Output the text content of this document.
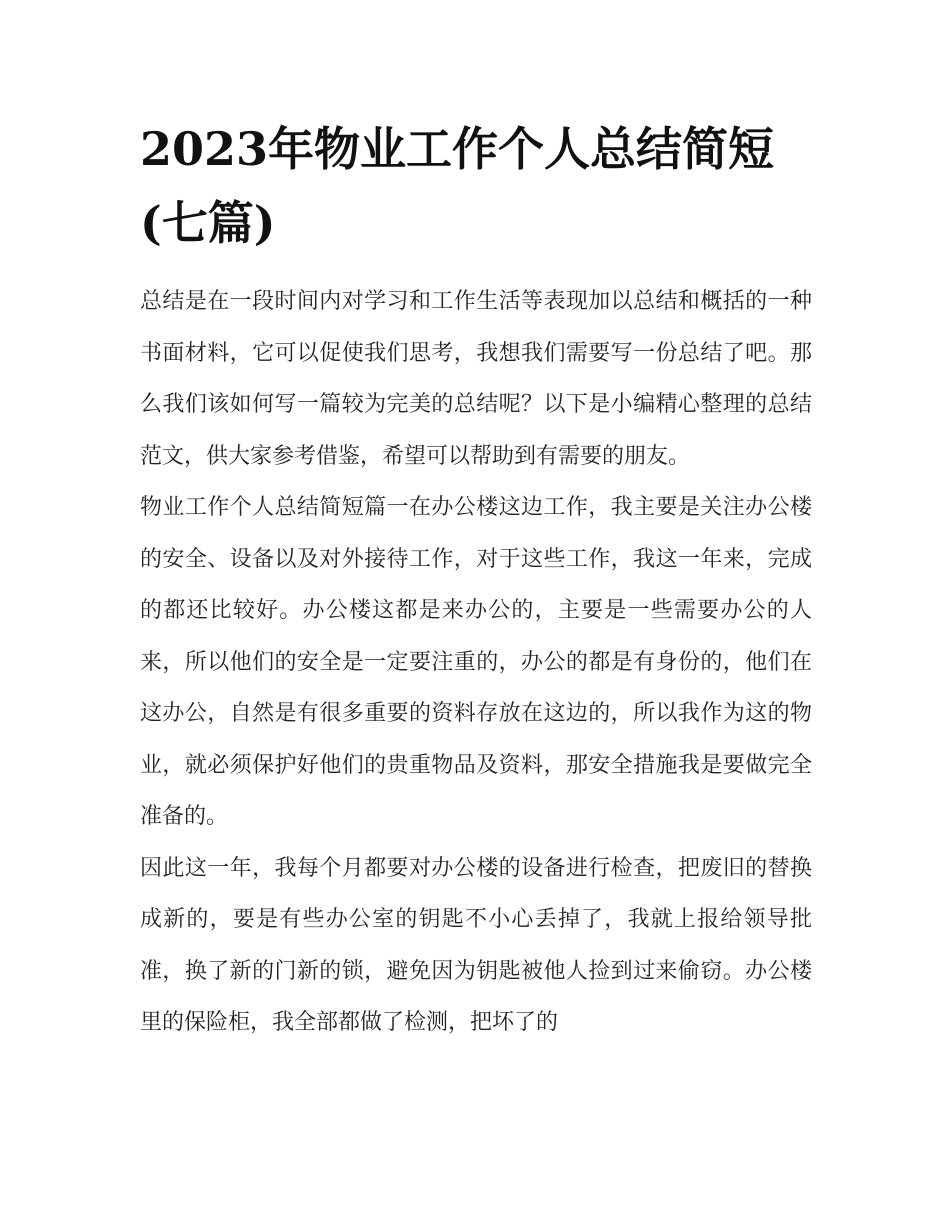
2023年物业工作个人总结简短(七篇)

总结是在一段时间内对学习和工作生活等表现加以总结和概括的一种书面材料，它可以促使我们思考，我想我们需要写一份总结了吧。那么我们该如何写一篇较为完美的总结呢？以下是小编精心整理的总结范文，供大家参考借鉴，希望可以帮助到有需要的朋友。

物业工作个人总结简短篇一在办公楼这边工作，我主要是关注办公楼的安全、设备以及对外接待工作，对于这些工作，我这一年来，完成的都还比较好。办公楼这都是来办公的，主要是一些需要办公的人来，所以他们的安全是一定要注重的，办公的都是有身份的，他们在这办公，自然是有很多重要的资料存放在这边的，所以我作为这的物业，就必须保护好他们的贵重物品及资料，那安全措施我是要做完全准备的。

因此这一年，我每个月都要对办公楼的设备进行检查，把废旧的替换成新的，要是有些办公室的钥匙不小心丢掉了，我就上报给领导批准，换了新的门新的锁，避免因为钥匙被他人捡到过来偷窃。办公楼里的保险柜，我全部都做了检测，把坏了的
